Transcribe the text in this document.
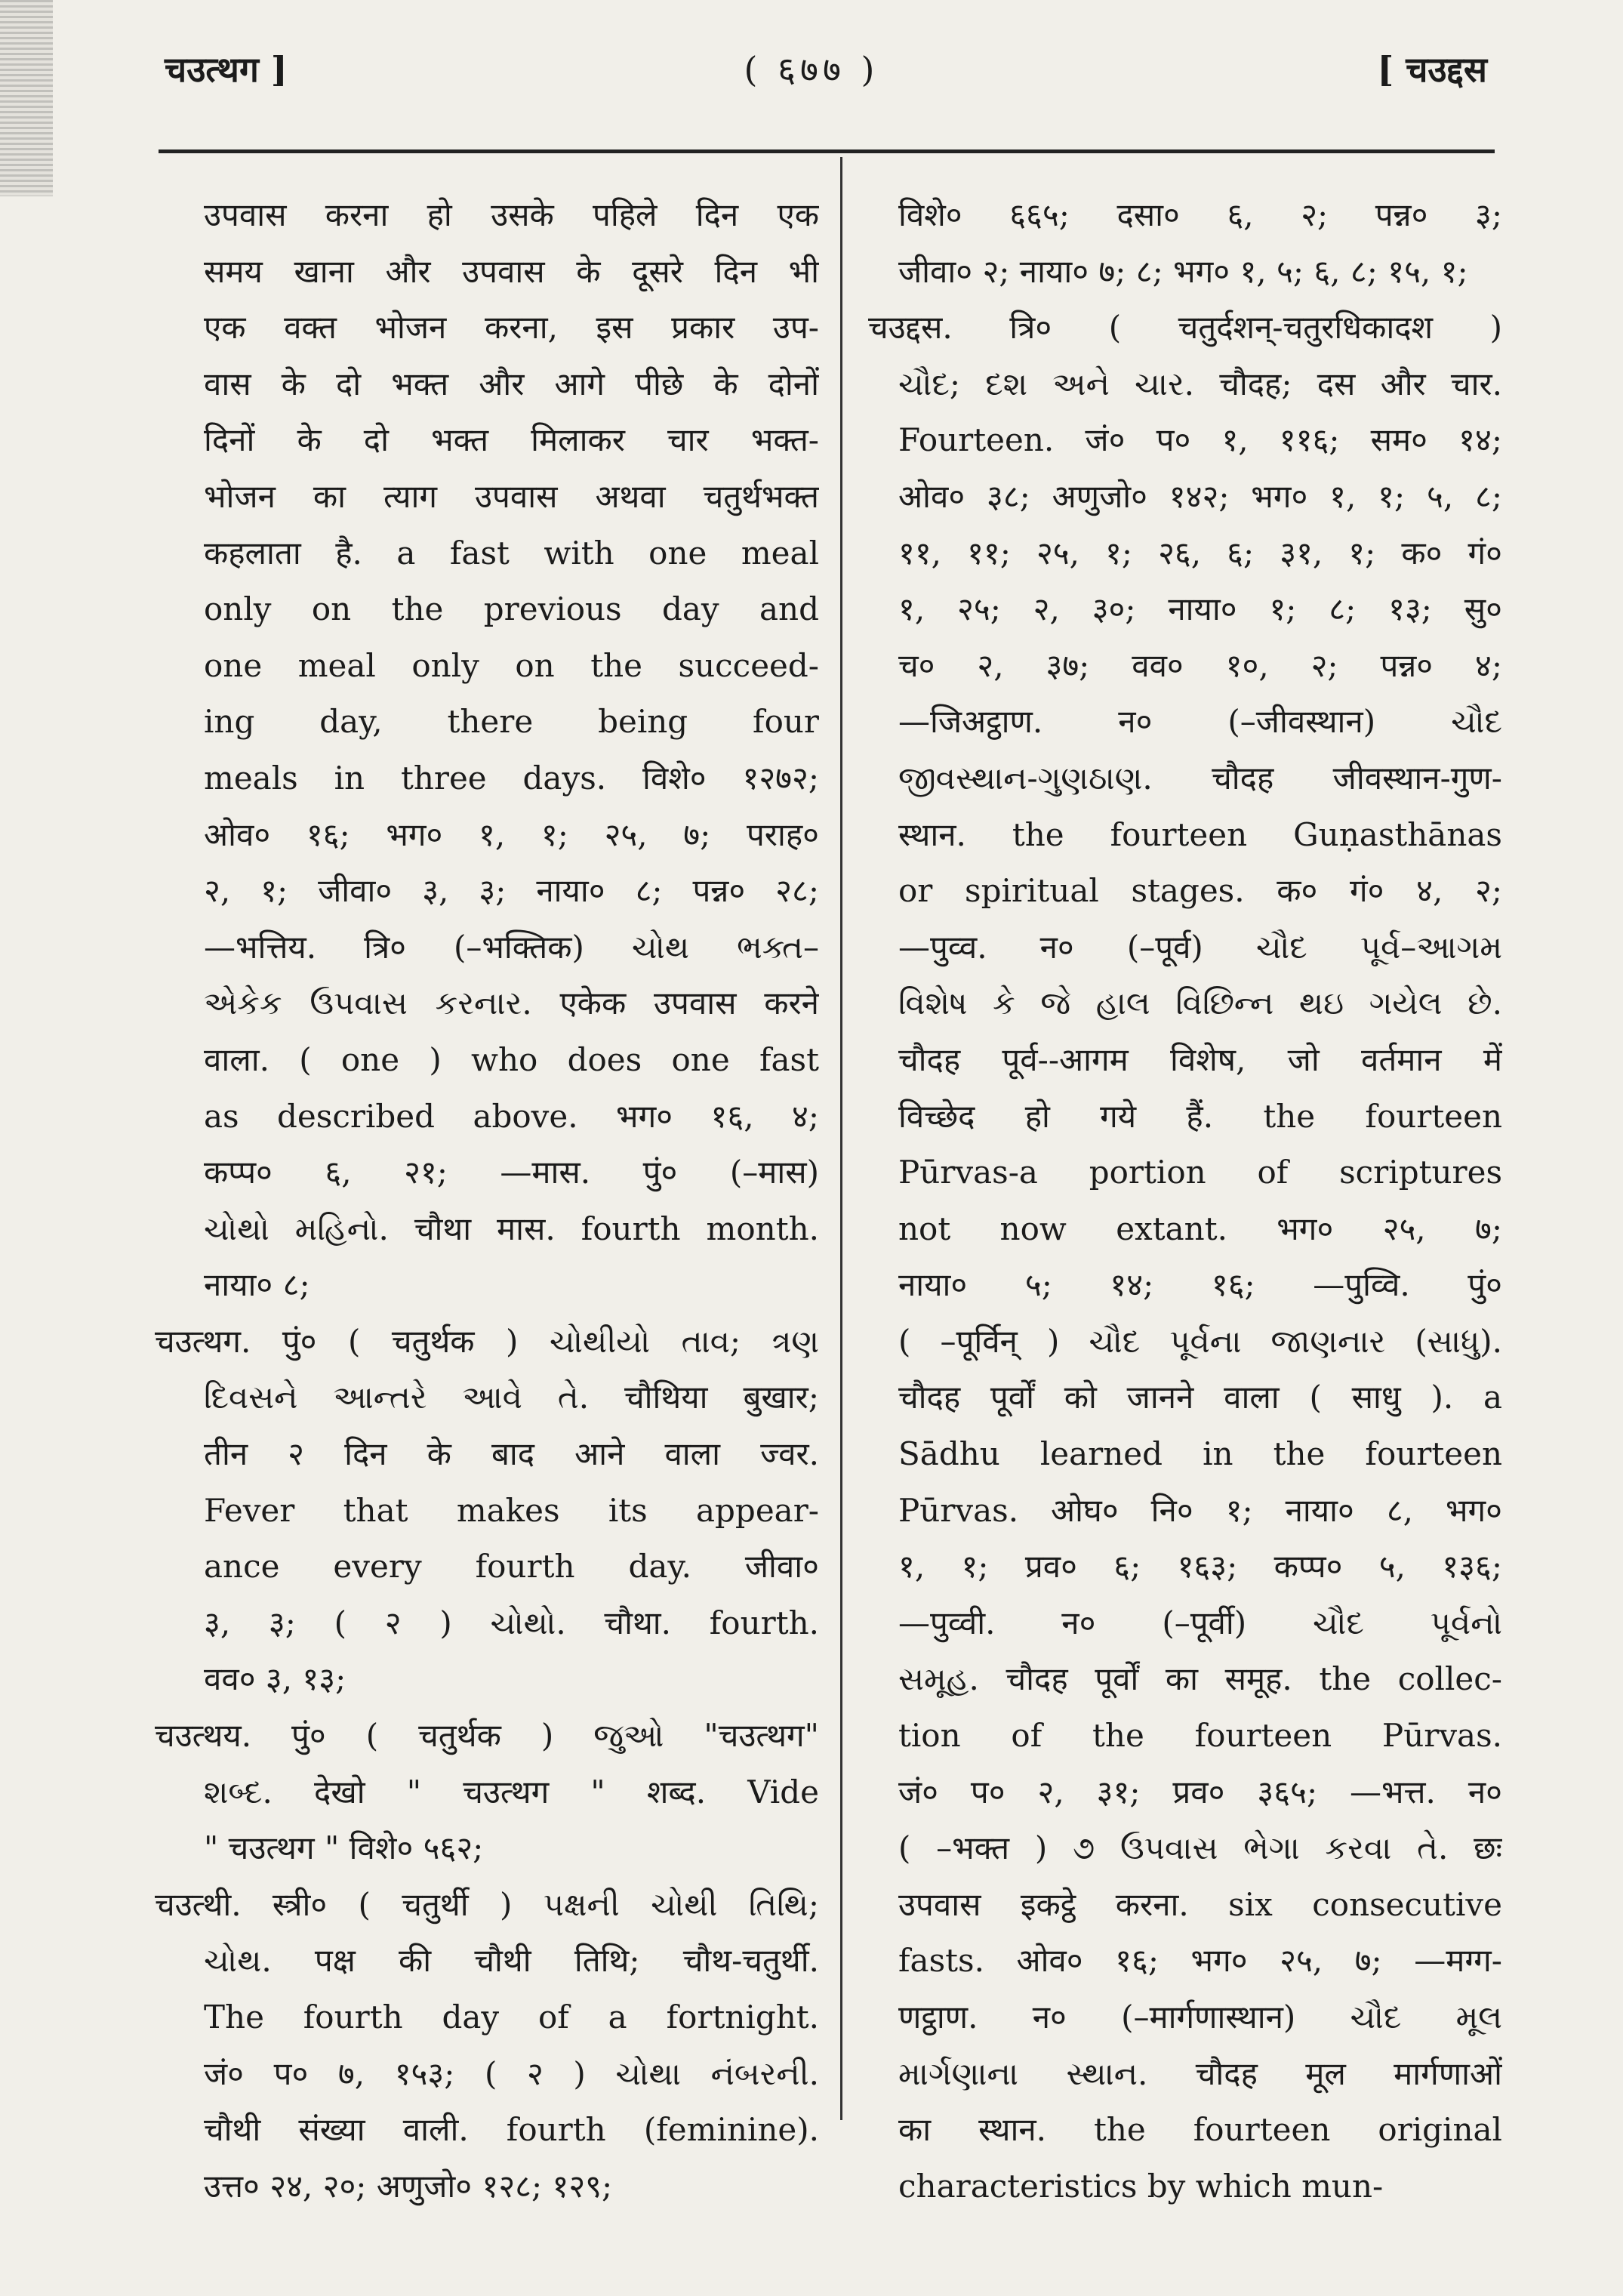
चउत्थग ]	( ६७७ )	[ चउद्दस
उपवास करना हो उसके पहिले दिन एक
समय खाना और उपवास के दूसरे दिन भी
एक वक्त भोजन करना, इस प्रकार उप-
वास के दो भक्त और आगे पीछे के दोनों
दिनों के दो भक्त मिलाकर चार भक्त-
भोजन का त्याग उपवास अथवा चतुर्थभक्त
कहलाता है. a fast with one meal
only on the previous day and
one meal only on the succeed-
ing day, there being four
meals in three days. विशे० १२७२;
ओव० १६; भग० १, १; २५, ७; पराह०
२, १; जीवा० ३, ३; नाया० ८; पन्न० २८;
—भत्तिय. त्रि० (–भक्तिक) ચોથ ભક્ત–
એકેક ઉપવાસ કરનાર. एकेक उपवास करने
वाला. ( one ) who does one fast
as described above. भग० १६, ४;
कप्प० ६, २१; —मास. पुं० (–मास)
ચોથો મહિનો. चौथा मास. fourth month.
नाया० ८;
चउत्थग. पुं० ( चतुर्थक ) ચોથીયો તાવ; ત્રણ
દિવસને આન્તરે આવે તે. चौथिया बुखार;
तीन २ दिन के बाद आने वाला ज्वर.
Fever that makes its appear-
ance every fourth day. जीवा०
३, ३; ( २ ) ચોથો. चौथा. fourth.
वव० ३, १३;
चउत्थय. पुं० ( चतुर्थक ) જુઓ "चउत्थग"
શબ્દ. देखो " चउत्थग " शब्द. Vide
" चउत्थग " विशे० ५६२;
चउत्थी. स्त्री० ( चतुर्थी ) પક્ષની ચોથી તિથિ;
ચોથ. पक्ष की चौथी तिथि; चौथ-चतुर्थी.
The fourth day of a fortnight.
जं० प० ७, १५३; ( २ ) ચોથા નંબરની.
चौथी संख्या वाली. fourth (feminine).
उत्त० २४, २०; अणुजो० १२८; १२९;
विशे० ६६५; दसा० ६, २; पन्न० ३;
जीवा० २; नाया० ७; ८; भग० १, ५; ६, ८; १५, १;
चउद्दस. त्रि० ( चतुर्दशन्-चतुरधिकादश )
ચૌદ; દશ અને ચાર. चौदह; दस और चार.
Fourteen. जं० प० १, ११६; सम० १४;
ओव० ३८; अणुजो० १४२; भग० १, १; ५, ८;
११, ११; २५, १; २६, ६; ३१, १; क० गं०
१, २५; २, ३०; नाया० १; ८; १३; सु०
च० २, ३७; वव० १०, २; पन्न० ४;
—जिअट्ठाण. न० (–जीवस्थान) ચૌદ
જીવસ્થાન-ગુણઠાણ. चौदह जीवस्थान-गुण-
स्थान. the fourteen Guṇasthānas
or spiritual stages. क० गं० ४, २;
—पुव्व. न० (–पूर्व) ચૌદ પૂર્વ–આગમ
વિશેષ કે જે હાલ વિછિન્ન થઇ ગયેલ છે.
चौदह पूर्व--आगम विशेष, जो वर्तमान में
विच्छेद हो गये हैं. the fourteen
Pūrvas-a portion of scriptures
not now extant. भग० २५, ७;
नाया० ५; १४; १६; —पुव्वि. पुं०
( –पूर्विन् ) ચૌદ પૂર્વના જાણનાર (સાધુ).
चौदह पूर्वों को जानने वाला ( साधु ). a
Sādhu learned in the fourteen
Pūrvas. ओघ० नि० १; नाया० ८, भग०
१, १; प्रव० ६; १६३; कप्प० ५, १३६;
—पुव्वी. न० (–पूर्वी) ચૌદ પૂર્વનો
સમૂહ. चौदह पूर्वों का समूह. the collec-
tion of the fourteen Pūrvas.
जं० प० २, ३१; प्रव० ३६५; —भत्त. न०
( –भक्त ) ૭ ઉપવાસ ભેગા કરવા તે. छः
उपवास इकट्ठे करना. six consecutive
fasts. ओव० १६; भग० २५, ७; —मग्ग-
णट्ठाण. न० (–मार्गणास्थान) ચૌદ મૂલ
માર્ગણાના સ્થાન. चौदह मूल मार्गणाओं
का स्थान. the fourteen original
characteristics by which mun-
